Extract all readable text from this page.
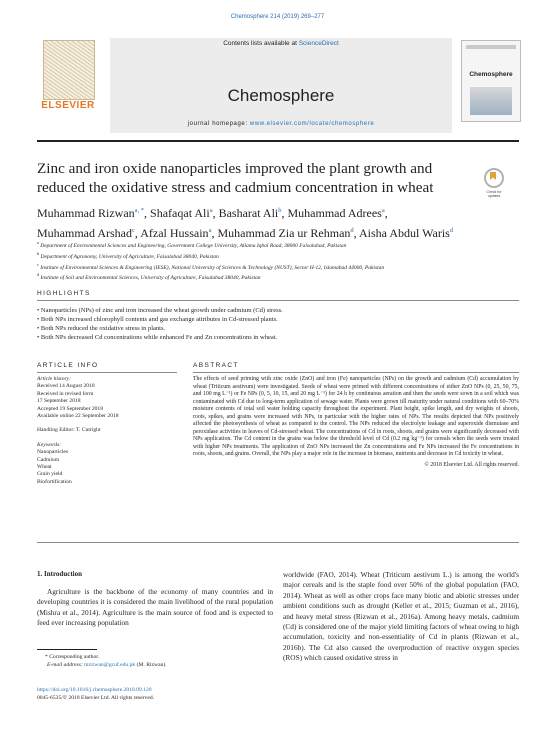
Chemosphere 214 (2019) 269–277
ELSEVIER
Contents lists available at ScienceDirect
Chemosphere
journal homepage: www.elsevier.com/locate/chemosphere
Chemosphere
Zinc and iron oxide nanoparticles improved the plant growth and reduced the oxidative stress and cadmium concentration in wheat	Check for updates
Muhammad Rizwan$^{a, *}$, Shafaqat Ali$^a$, Basharat Ali$^b$, Muhammad Adrees$^a$,
Muhammad Arshad$^c$, Afzal Hussain$^a$, Muhammad Zia ur Rehman$^d$, Aisha Abdul Waris$^d$
$^a$ Department of Environmental Sciences and Engineering, Government College University, Allama Iqbal Road, 38000 Faisalabad, Pakistan
$^b$ Department of Agronomy, University of Agriculture, Faisalabad 38040, Pakistan
$^c$ Institute of Environmental Sciences & Engineering (IESE), National University of Sciences & Technology (NUST), Sector H-12, Islamabad 44000, Pakistan
$^d$ Institute of Soil and Environmental Sciences, University of Agriculture, Faisalabad 38040, Pakistan
HIGHLIGHTS
• Nanoparticles (NPs) of zinc and iron increased the wheat growth under cadmium (Cd) stress.
• Both NPs increased chlorophyll contents and gas exchange attributes in Cd-stressed plants.
• Both NPs reduced the oxidative stress in plants.
• Both NPs decreased Cd concentrations while enhanced Fe and Zn concentrations in wheat.
ARTICLE INFO	ABSTRACT
Article history:
Received 14 August 2018
Received in revised form
17 September 2018
Accepted 19 September 2018
Available online 22 September 2018
Handling Editor: T. Cutright
Keywords:
Nanoparticles
Cadmium
Wheat
Grain yield
Biofortification
The effects of seed priming with zinc oxide (ZnO) and iron (Fe) nanoparticles (NPs) on the growth and cadmium (Cd) accumulation by wheat (Triticum aestivum) were investigated. Seeds of wheat were primed with different concentrations of either ZnO NPs (0, 25, 50, 75, and 100 mg L⁻¹) or Fe NPs (0, 5, 10, 15, and 20 mg L⁻¹) for 24 h by continuous aeration and then the seeds were sown in a soil which was contaminated with Cd due to long-term application of sewage water. Plants were grown till maturity under natural conditions with 60–70% moisture contents of total soil water holding capacity throughout the experiment. Plant height, spike length, and dry weights of shoots, roots, spikes, and grains were increased with NPs, in particular with the higher rates of NPs. The results depicted that NPs positively affected the photosynthesis of wheat as compared to the control. The NPs reduced the electrolyte leakage and superoxide dismutase and peroxidase activities in leaves of Cd-stressed wheat. The concentrations of Cd in roots, shoots, and grains were significantly decreased with NPs application. The Cd content in the grains was below the threshold level of Cd (0.2 mg kg⁻¹) for cereals when the seeds were treated with higher NPs treatments. The application of ZnO NPs increased the Zn concentrations and Fe NPs increased the Fe concentrations in roots, shoots, and grains. Overall, the NPs play a major role in the increase in biomass, nutrients and decrease in Cd toxicity in wheat.
© 2018 Elsevier Ltd. All rights reserved.
1. Introduction
Agriculture is the backbone of the economy of many countries and in developing countries it is considered the main livelihood of the rural population (Mishra et al., 2014). Agriculture is the main source of food and is expected to feed ever increasing population
worldwide (FAO, 2014). Wheat (Triticum aestivum L.) is among the world's major cereals and is the staple food over 50% of the global population (FAO, 2014). Wheat as well as other crops face many biotic and abiotic stresses under ambient conditions such as drought (Keller et al., 2015; Guzman et al., 2016), and heavy metal stress (Rizwan et al., 2016a). Among heavy metals, cadmium (Cd) is considered one of the major yield limiting factors of wheat owing to high accumulation, toxicity and non-essentiality of Cd in plants (Rizwan et al., 2016b). The Cd also caused the overproduction of reactive oxygen species (ROS) which caused oxidative stress in
* Corresponding author.
E-mail address: mrizwan@gcuf.edu.pk (M. Rizwan).
https://doi.org/10.1016/j.chemosphere.2018.09.120
0045-6535/© 2018 Elsevier Ltd. All rights reserved.
